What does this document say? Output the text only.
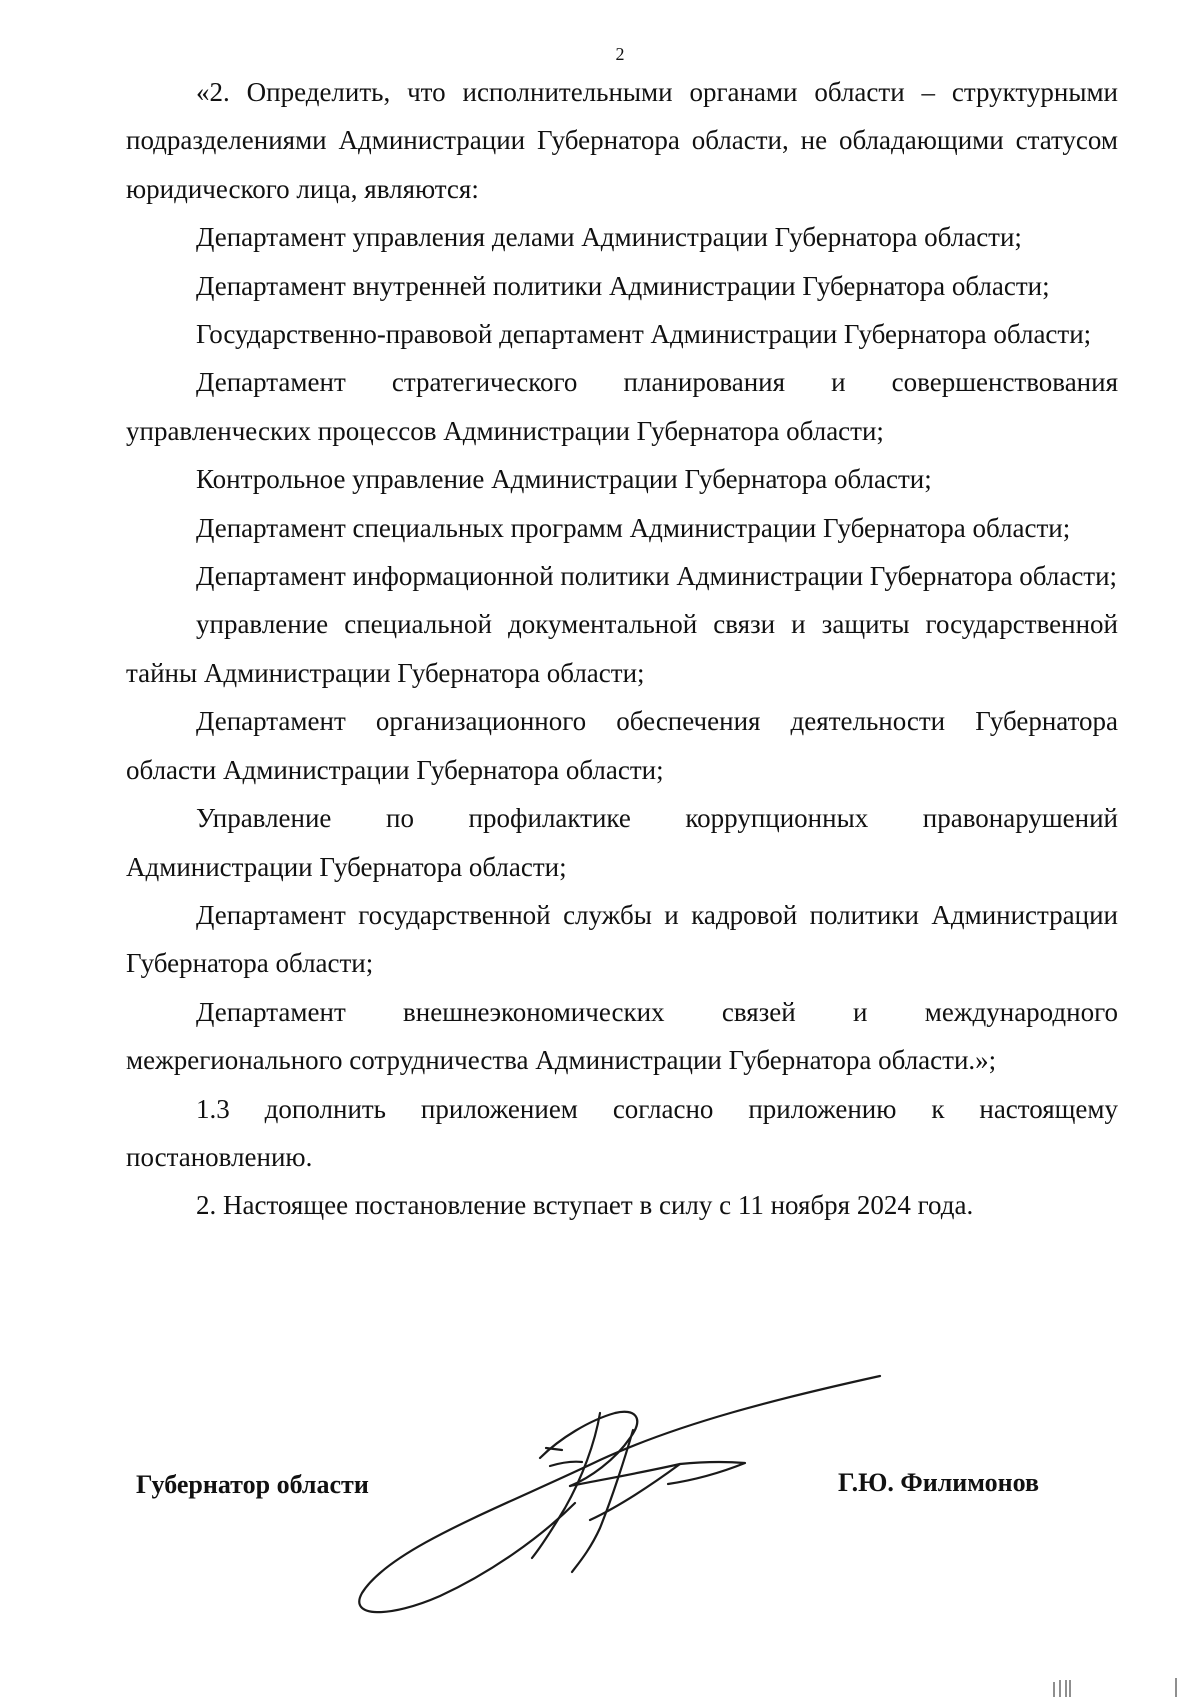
2

«2. Определить, что исполнительными органами области – структурными подразделениями Администрации Губернатора области, не обладающими статусом юридического лица, являются:

Департамент управления делами Администрации Губернатора области;

Департамент внутренней политики Администрации Губернатора области;

Государственно-правовой департамент Администрации Губернатора области;

Департамент стратегического планирования и совершенствования управленческих процессов Администрации Губернатора области;

Контрольное управление Администрации Губернатора области;

Департамент специальных программ Администрации Губернатора области;

Департамент информационной политики Администрации Губернатора области;

управление специальной документальной связи и защиты государственной тайны Администрации Губернатора области;

Департамент организационного обеспечения деятельности Губернатора области Администрации Губернатора области;

Управление по профилактике коррупционных правонарушений Администрации Губернатора области;

Департамент государственной службы и кадровой политики Администрации Губернатора области;

Департамент внешнеэкономических связей и международного межрегионального сотрудничества Администрации Губернатора области.»;

1.3 дополнить приложением согласно приложению к настоящему постановлению.

2. Настоящее постановление вступает в силу с 11 ноября 2024 года.

Губернатор области	Г.Ю. Филимонов
